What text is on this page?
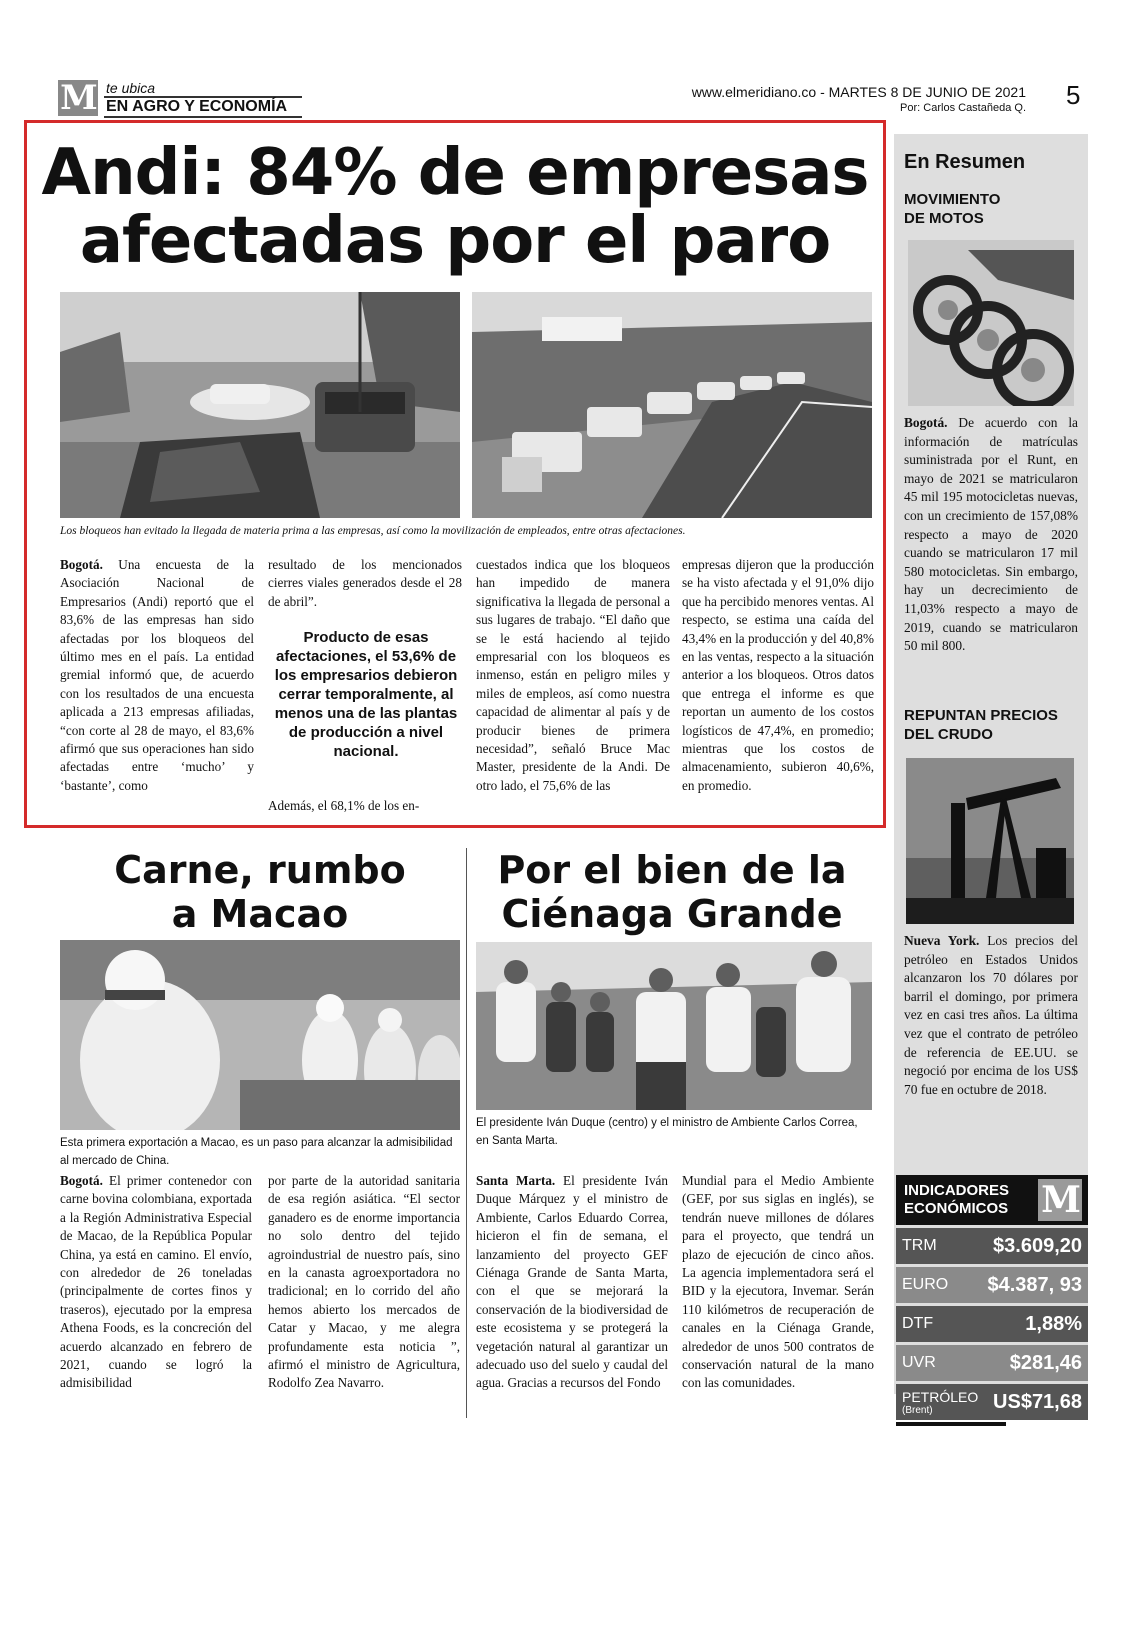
M te ubica
EN AGRO Y ECONOMÍA
www.elmeridiano.co - MARTES 8 DE JUNIO DE 2021
Por: Carlos Castañeda Q. 5
Andi: 84% de empresas
afectadas por el paro
Los bloqueos han evitado la llegada de materia prima a las empresas, así como la movilización de empleados, entre otras afectaciones.
Bogotá. Una encuesta de la Asociación Nacional de Empresarios (Andi) reportó que el 83,6% de las empresas han sido afectadas por los bloqueos del último mes en el país. La entidad gremial informó que, de acuerdo con los resultados de una encuesta aplicada a 213 empresas afiliadas, “con corte al 28 de mayo, el 83,6% afirmó que sus operaciones han sido afectadas entre ‘mucho’ y ‘bastante’, como
resultado de los mencionados cierres viales generados desde el 28 de abril”.
Producto de esas afectaciones, el 53,6% de los empresarios debieron cerrar temporalmente, al menos una de las plantas de producción a nivel nacional.
Además, el 68,1% de los en-
cuestados indica que los bloqueos han impedido de manera significativa la llegada de personal a sus lugares de trabajo. “El daño que se le está haciendo al tejido empresarial con los bloqueos es inmenso, están en peligro miles y miles de empleos, así como nuestra capacidad de alimentar al país y de producir bienes de primera necesidad”, señaló Bruce Mac Master, presidente de la Andi. De otro lado, el 75,6% de las
empresas dijeron que la producción se ha visto afectada y el 91,0% dijo que ha percibido menores ventas. Al respecto, se estima una caída del 43,4% en la producción y del 40,8% en las ventas, respecto a la situación anterior a los bloqueos. Otros datos que entrega el informe es que reportan un aumento de los costos logísticos de 47,4%, en promedio; mientras que los costos de almacenamiento, subieron 40,6%, en promedio.
Carne, rumbo
a Macao
Esta primera exportación a Macao, es un paso para alcanzar la admisibilidad al mercado de China.
Bogotá. El primer contenedor con carne bovina colombiana, exportada a la Región Administrativa Especial de Macao, de la República Popular China, ya está en camino. El envío, con alrededor de 26 toneladas (principalmente de cortes finos y traseros), ejecutado por la empresa Athena Foods, es la concreción del acuerdo alcanzado en febrero de 2021, cuando se logró la admisibilidad
por parte de la autoridad sanitaria de esa región asiática. “El sector ganadero es de enorme importancia no solo dentro del tejido agroindustrial de nuestro país, sino en la canasta agroexportadora no tradicional; en lo corrido del año hemos abierto los mercados de Catar y Macao, y me alegra profundamente esta noticia ”, afirmó el ministro de Agricultura, Rodolfo Zea Navarro.
Por el bien de la
Ciénaga Grande
El presidente Iván Duque (centro) y el ministro de Ambiente Carlos Correa, en Santa Marta.
Santa Marta. El presidente Iván Duque Márquez y el ministro de Ambiente, Carlos Eduardo Correa, hicieron el fin de semana, el lanzamiento del proyecto GEF Ciénaga Grande de Santa Marta, con el que se mejorará la conservación de la biodiversidad de este ecosistema y se protegerá la vegetación natural al garantizar un adecuado uso del suelo y caudal del agua. Gracias a recursos del Fondo
Mundial para el Medio Ambiente (GEF, por sus siglas en inglés), se tendrán nueve millones de dólares para el proyecto, que tendrá un plazo de ejecución de cinco años. La agencia implementadora será el BID y la ejecutora, Invemar. Serán 110 kilómetros de recuperación de canales en la Ciénaga Grande, alrededor de unos 500 contratos de conservación natural de la mano con las comunidades.
En Resumen
MOVIMIENTO
DE MOTOS
Bogotá. De acuerdo con la información de matrículas suministrada por el Runt, en mayo de 2021 se matricularon 45 mil 195 motocicletas nuevas, con un crecimiento de 157,08% respecto a mayo de 2020 cuando se matricularon 17 mil 580 motocicletas. Sin embargo, hay un decrecimiento de 11,03% respecto a mayo de 2019, cuando se matricularon 50 mil 800.
REPUNTAN PRECIOS
DEL CRUDO
Nueva York. Los precios del petróleo en Estados Unidos alcanzaron los 70 dólares por barril el domingo, por primera vez en casi tres años. La última vez que el contrato de petróleo de referencia de EE.UU. se negoció por encima de los US$ 70 fue en octubre de 2018.
INDICADORES
ECONÓMICOS M
TRM	$3.609,20
EURO $4.387, 93
DTF	1,88%
UVR	$281,46
PETRÓLEO
(Brent)	US$71,68
